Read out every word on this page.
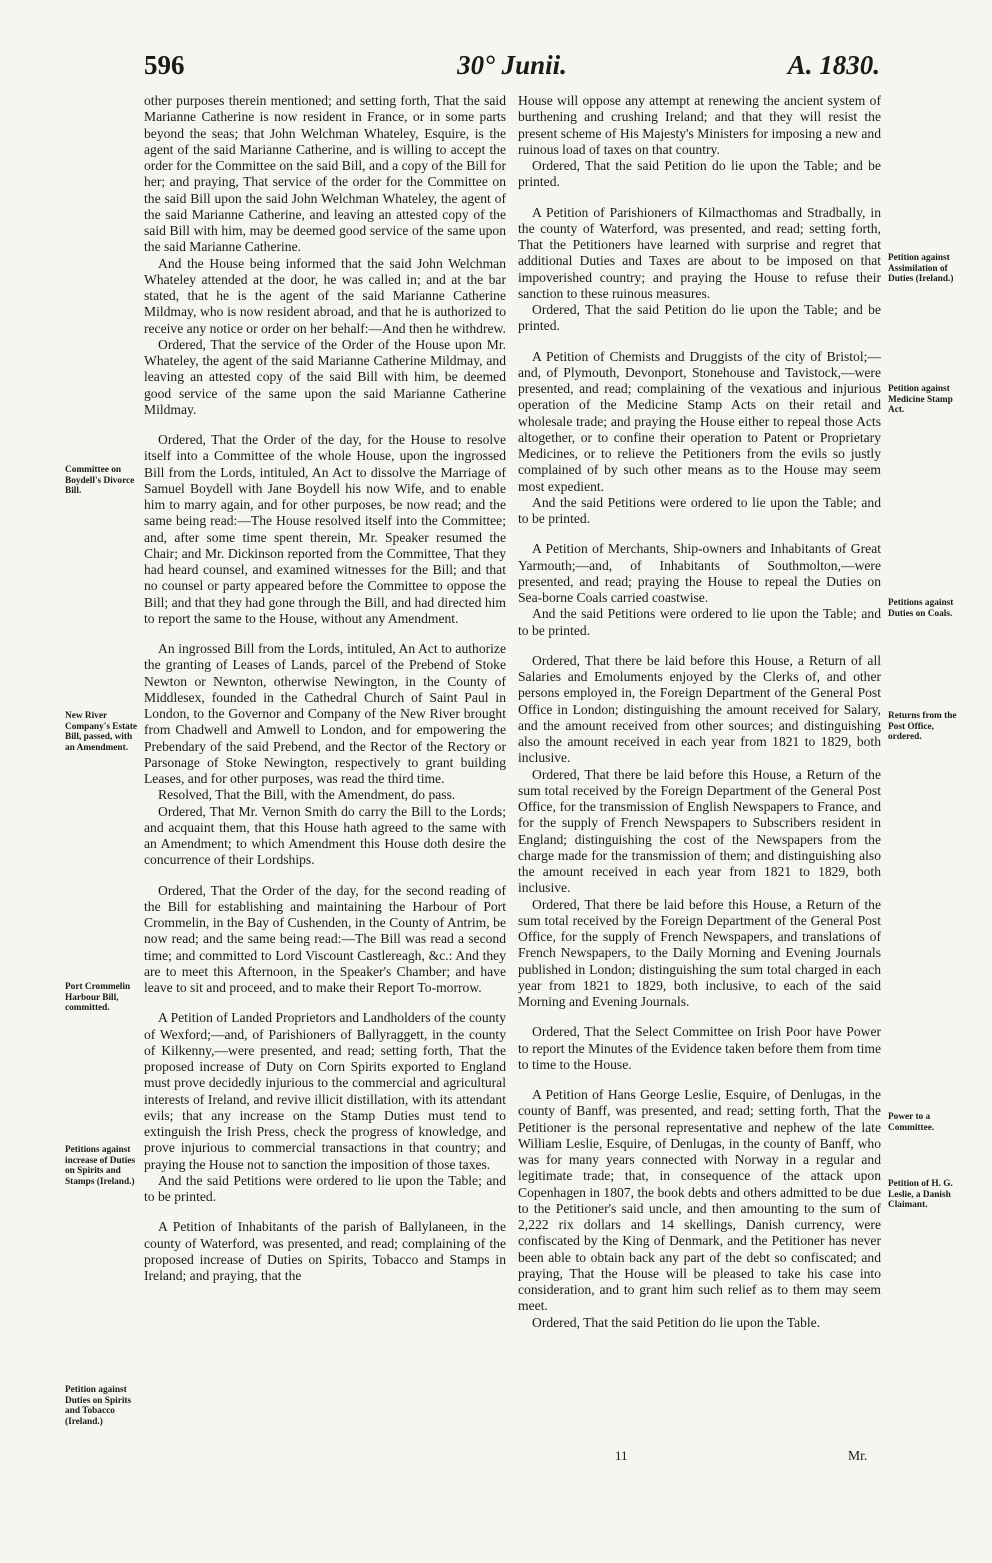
596	30° Junii.	A. 1830.

other purposes therein mentioned; and setting forth, That the said Marianne Catherine is now resident in France, or in some parts beyond the seas; that John Welchman Whateley, Esquire, is the agent of the said Marianne Catherine, and is willing to accept the order for the Committee on the said Bill, and a copy of the Bill for her; and praying, That service of the order for the Committee on the said Bill upon the said John Welchman Whateley, the agent of the said Marianne Catherine, and leaving an attested copy of the said Bill with him, may be deemed good service of the same upon the said Marianne Catherine.

And the House being informed that the said John Welchman Whateley attended at the door, he was called in; and at the bar stated, that he is the agent of the said Marianne Catherine Mildmay, who is now resident abroad, and that he is authorized to receive any notice or order on her behalf:—And then he withdrew.

Ordered, That the service of the Order of the House upon Mr. Whateley, the agent of the said Marianne Catherine Mildmay, and leaving an attested copy of the said Bill with him, be deemed good service of the same upon the said Marianne Catherine Mildmay.

Ordered, That the Order of the day, for the House to resolve itself into a Committee of the whole House, upon the ingrossed Bill from the Lords, intituled, An Act to dissolve the Marriage of Samuel Boydell with Jane Boydell his now Wife, and to enable him to marry again, and for other purposes, be now read; and the same being read:—The House resolved itself into the Committee; and, after some time spent therein, Mr. Speaker resumed the Chair; and Mr. Dickinson reported from the Committee, That they had heard counsel, and examined witnesses for the Bill; and that no counsel or party appeared before the Committee to oppose the Bill; and that they had gone through the Bill, and had directed him to report the same to the House, without any Amendment.

An ingrossed Bill from the Lords, intituled, An Act to authorize the granting of Leases of Lands, parcel of the Prebend of Stoke Newton or Newnton, otherwise Newington, in the County of Middlesex, founded in the Cathedral Church of Saint Paul in London, to the Governor and Company of the New River brought from Chadwell and Amwell to London, and for empowering the Prebendary of the said Prebend, and the Rector of the Rectory or Parsonage of Stoke Newington, respectively to grant building Leases, and for other purposes, was read the third time.

Resolved, That the Bill, with the Amendment, do pass.

Ordered, That Mr. Vernon Smith do carry the Bill to the Lords; and acquaint them, that this House hath agreed to the same with an Amendment; to which Amendment this House doth desire the concurrence of their Lordships.

Ordered, That the Order of the day, for the second reading of the Bill for establishing and maintaining the Harbour of Port Crommelin, in the Bay of Cushenden, in the County of Antrim, be now read; and the same being read:—The Bill was read a second time; and committed to Lord Viscount Castlereagh, &c.: And they are to meet this Afternoon, in the Speaker's Chamber; and have leave to sit and proceed, and to make their Report To-morrow.

A Petition of Landed Proprietors and Landholders of the county of Wexford;—and, of Parishioners of Ballyraggett, in the county of Kilkenny,—were presented, and read; setting forth, That the proposed increase of Duty on Corn Spirits exported to England must prove decidedly injurious to the commercial and agricultural interests of Ireland, and revive illicit distillation, with its attendant evils; that any increase on the Stamp Duties must tend to extinguish the Irish Press, check the progress of knowledge, and prove injurious to commercial transactions in that country; and praying the House not to sanction the imposition of those taxes.

And the said Petitions were ordered to lie upon the Table; and to be printed.

A Petition of Inhabitants of the parish of Ballylaneen, in the county of Waterford, was presented, and read; complaining of the proposed increase of Duties on Spirits, Tobacco and Stamps in Ireland; and praying, that the

House will oppose any attempt at renewing the ancient system of burthening and crushing Ireland; and that they will resist the present scheme of His Majesty's Ministers for imposing a new and ruinous load of taxes on that country.

Ordered, That the said Petition do lie upon the Table; and be printed.

A Petition of Parishioners of Kilmacthomas and Stradbally, in the county of Waterford, was presented, and read; setting forth, That the Petitioners have learned with surprise and regret that additional Duties and Taxes are about to be imposed on that impoverished country; and praying the House to refuse their sanction to these ruinous measures.

Ordered, That the said Petition do lie upon the Table; and be printed.

A Petition of Chemists and Druggists of the city of Bristol;—and, of Plymouth, Devonport, Stonehouse and Tavistock,—were presented, and read; complaining of the vexatious and injurious operation of the Medicine Stamp Acts on their retail and wholesale trade; and praying the House either to repeal those Acts altogether, or to confine their operation to Patent or Proprietary Medicines, or to relieve the Petitioners from the evils so justly complained of by such other means as to the House may seem most expedient.

And the said Petitions were ordered to lie upon the Table; and to be printed.

A Petition of Merchants, Ship-owners and Inhabitants of Great Yarmouth;—and, of Inhabitants of Southmolton,—were presented, and read; praying the House to repeal the Duties on Sea-borne Coals carried coastwise.

And the said Petitions were ordered to lie upon the Table; and to be printed.

Ordered, That there be laid before this House, a Return of all Salaries and Emoluments enjoyed by the Clerks of, and other persons employed in, the Foreign Department of the General Post Office in London; distinguishing the amount received for Salary, and the amount received from other sources; and distinguishing also the amount received in each year from 1821 to 1829, both inclusive.

Ordered, That there be laid before this House, a Return of the sum total received by the Foreign Department of the General Post Office, for the transmission of English Newspapers to France, and for the supply of French Newspapers to Subscribers resident in England; distinguishing the cost of the Newspapers from the charge made for the transmission of them; and distinguishing also the amount received in each year from 1821 to 1829, both inclusive.

Ordered, That there be laid before this House, a Return of the sum total received by the Foreign Department of the General Post Office, for the supply of French Newspapers, and translations of French Newspapers, to the Daily Morning and Evening Journals published in London; distinguishing the sum total charged in each year from 1821 to 1829, both inclusive, to each of the said Morning and Evening Journals.

Ordered, That the Select Committee on Irish Poor have Power to report the Minutes of the Evidence taken before them from time to time to the House.

A Petition of Hans George Leslie, Esquire, of Denlugas, in the county of Banff, was presented, and read; setting forth, That the Petitioner is the personal representative and nephew of the late William Leslie, Esquire, of Denlugas, in the county of Banff, who was for many years connected with Norway in a regular and legitimate trade; that, in consequence of the attack upon Copenhagen in 1807, the book debts and others admitted to be due to the Petitioner's said uncle, and then amounting to the sum of 2,222 rix dollars and 14 skellings, Danish currency, were confiscated by the King of Denmark, and the Petitioner has never been able to obtain back any part of the debt so confiscated; and praying, That the House will be pleased to take his case into consideration, and to grant him such relief as to them may seem meet.

Ordered, That the said Petition do lie upon the Table.

Committee on Boydell's Divorce Bill.
New River Company's Estate Bill, passed, with an Amendment.
Port Crommelin Harbour Bill, committed.
Petitions against increase of Duties on Spirits and Stamps (Ireland.)
Petition against Duties on Spirits and Tobacco (Ireland.)
Petition against Assimilation of Duties (Ireland.)
Petition against Medicine Stamp Act.
Petitions against Duties on Coals.
Returns from the Post Office, ordered.
Power to a Committee.
Petition of H. G. Leslie, a Danish Claimant.
11	Mr.
